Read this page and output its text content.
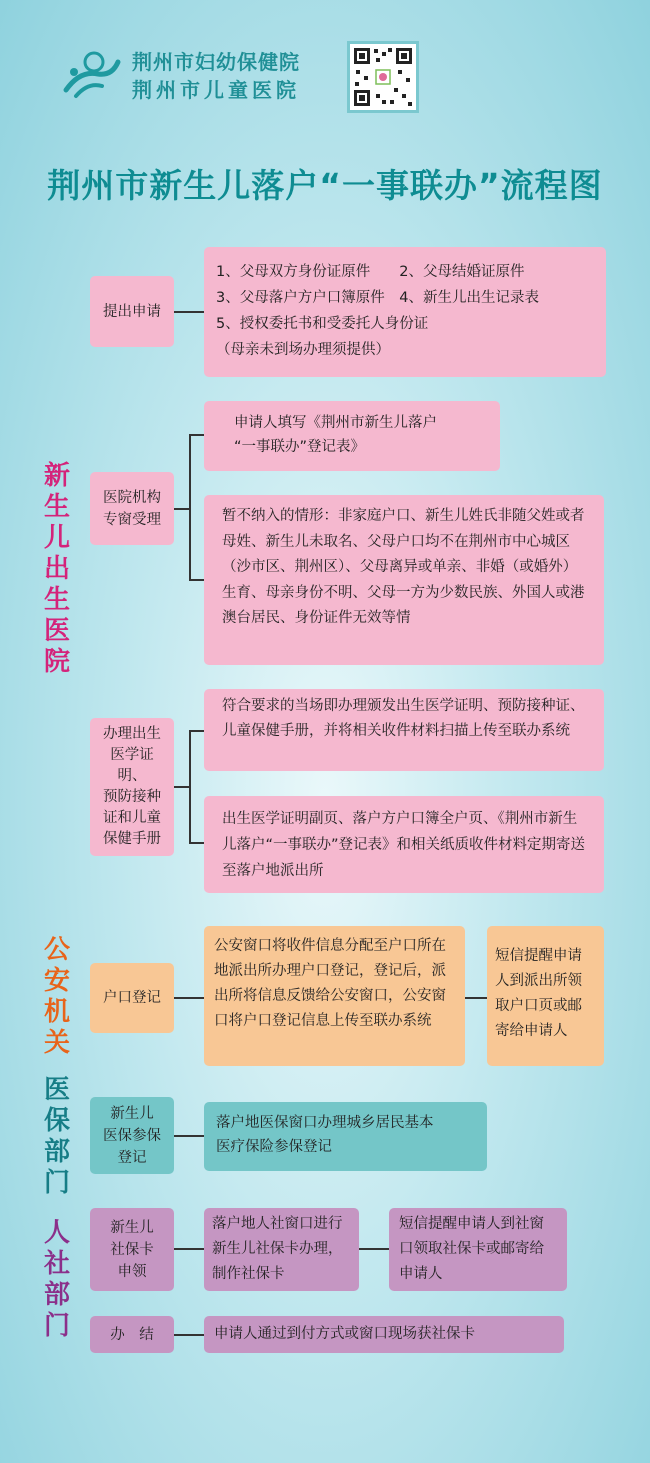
荆州市妇幼保健院
荆州市儿童医院
荆州市新生儿落户“一事联办”流程图
新生儿出生医院
公安机关
医保部门
人社部门
提出申请
1、父母双方身份证原件　　2、父母结婚证原件
3、父母落户方户口簿原件　4、新生儿出生记录表
5、授权委托书和受委托人身份证
（母亲未到场办理须提供）
医院机构
专窗受理
申请人填写《荆州市新生儿落户
“一事联办”登记表》
暂不纳入的情形：非家庭户口、新生儿姓氏非随父姓或者母姓、新生儿未取名、父母户口均不在荆州市中心城区（沙市区、荆州区）、父母离异或单亲、非婚（或婚外）生育、母亲身份不明、父母一方为少数民族、外国人或港澳台居民、身份证件无效等情
办理出生
医学证明、
预防接种
证和儿童
保健手册
符合要求的当场即办理颁发出生医学证明、预防接种证、儿童保健手册，并将相关收件材料扫描上传至联办系统
出生医学证明副页、落户方户口簿全户页、《荆州市新生儿落户“一事联办”登记表》和相关纸质收件材料定期寄送至落户地派出所
户口登记
公安窗口将收件信息分配至户口所在地派出所办理户口登记，登记后，派出所将信息反馈给公安窗口，公安窗口将户口登记信息上传至联办系统
短信提醒申请人到派出所领取户口页或邮寄给申请人
新生儿
医保参保
登记
落户地医保窗口办理城乡居民基本
医疗保险参保登记
新生儿
社保卡
申领
落户地人社窗口进行新生儿社保卡办理，制作社保卡
短信提醒申请人到社窗口领取社保卡或邮寄给申请人
办　结	申请人通过到付方式或窗口现场获社保卡
